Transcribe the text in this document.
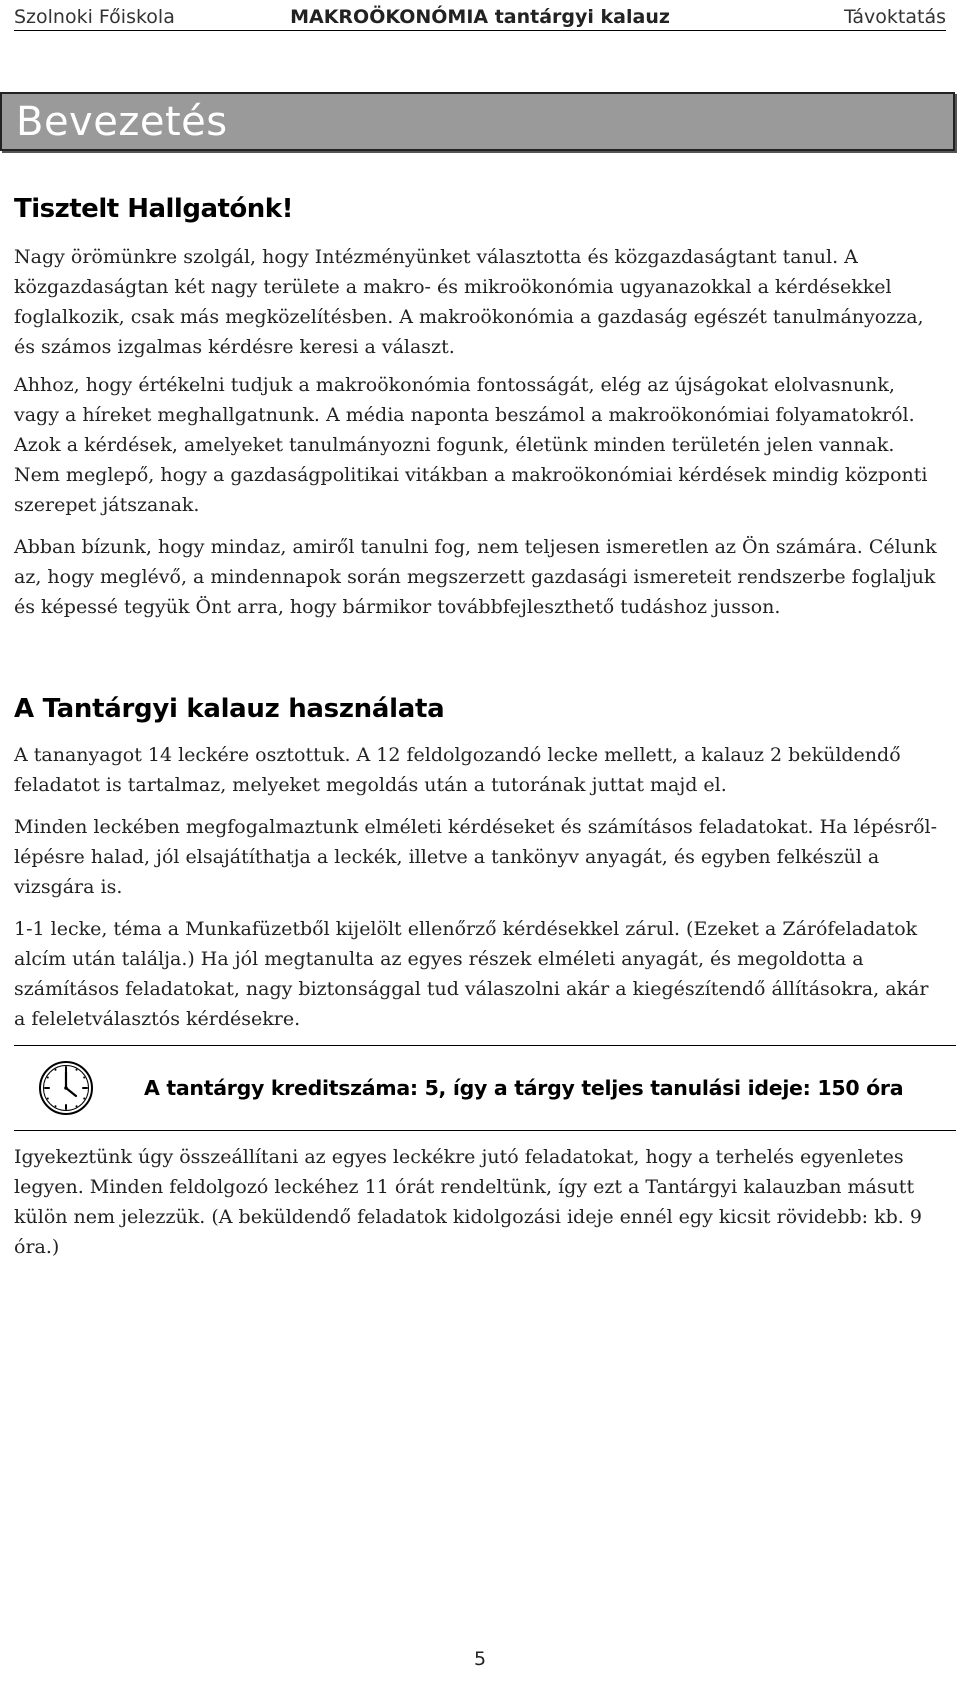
Szolnoki Főiskola	MAKROÖKONÓMIA tantárgyi kalauz	Távoktatás
Bevezetés
Tisztelt Hallgatónk!

Nagy örömünkre szolgál, hogy Intézményünket választotta és közgazdaságtant tanul. A közgazdaságtan két nagy területe a makro- és mikroökonómia ugyanazokkal a kérdésekkel foglalkozik, csak más megközelítésben. A makroökonómia a gazdaság egészét tanulmányozza, és számos izgalmas kérdésre keresi a választ.

Ahhoz, hogy értékelni tudjuk a makroökonómia fontosságát, elég az újságokat elolvasnunk, vagy a híreket meghallgatnunk. A média naponta beszámol a makroökonómiai folyamatokról. Azok a kérdések, amelyeket tanulmányozni fogunk, életünk minden területén jelen vannak. Nem meglepő, hogy a gazdaságpolitikai vitákban a makroökonómiai kérdések mindig központi szerepet játszanak.

Abban bízunk, hogy mindaz, amiről tanulni fog, nem teljesen ismeretlen az Ön számára. Célunk az, hogy meglévő, a mindennapok során megszerzett gazdasági ismereteit rendszerbe foglaljuk és képessé tegyük Önt arra, hogy bármikor továbbfejleszthető tudáshoz jusson.

A Tantárgyi kalauz használata

A tananyagot 14 leckére osztottuk. A 12 feldolgozandó lecke mellett, a kalauz 2 beküldendő feladatot is tartalmaz, melyeket megoldás után a tutorának juttat majd el.

Minden leckében megfogalmaztunk elméleti kérdéseket és számításos feladatokat. Ha lépésről-lépésre halad, jól elsajátíthatja a leckék, illetve a tankönyv anyagát, és egyben felkészül a vizsgára is.

1-1 lecke, téma a Munkafüzetből kijelölt ellenőrző kérdésekkel zárul. (Ezeket a Zárófeladatok alcím után találja.) Ha jól megtanulta az egyes részek elméleti anyagát, és megoldotta a számításos feladatokat, nagy biztonsággal tud válaszolni akár a kiegészítendő állításokra, akár a feleletválasztós kérdésekre.

A tantárgy kreditszáma: 5, így a tárgy teljes tanulási ideje: 150 óra

Igyekeztünk úgy összeállítani az egyes leckékre jutó feladatokat, hogy a terhelés egyenletes legyen. Minden feldolgozó leckéhez 11 órát rendeltünk, így ezt a Tantárgyi kalauzban másutt külön nem jelezzük. (A beküldendő feladatok kidolgozási ideje ennél egy kicsit rövidebb: kb. 9 óra.)

5
